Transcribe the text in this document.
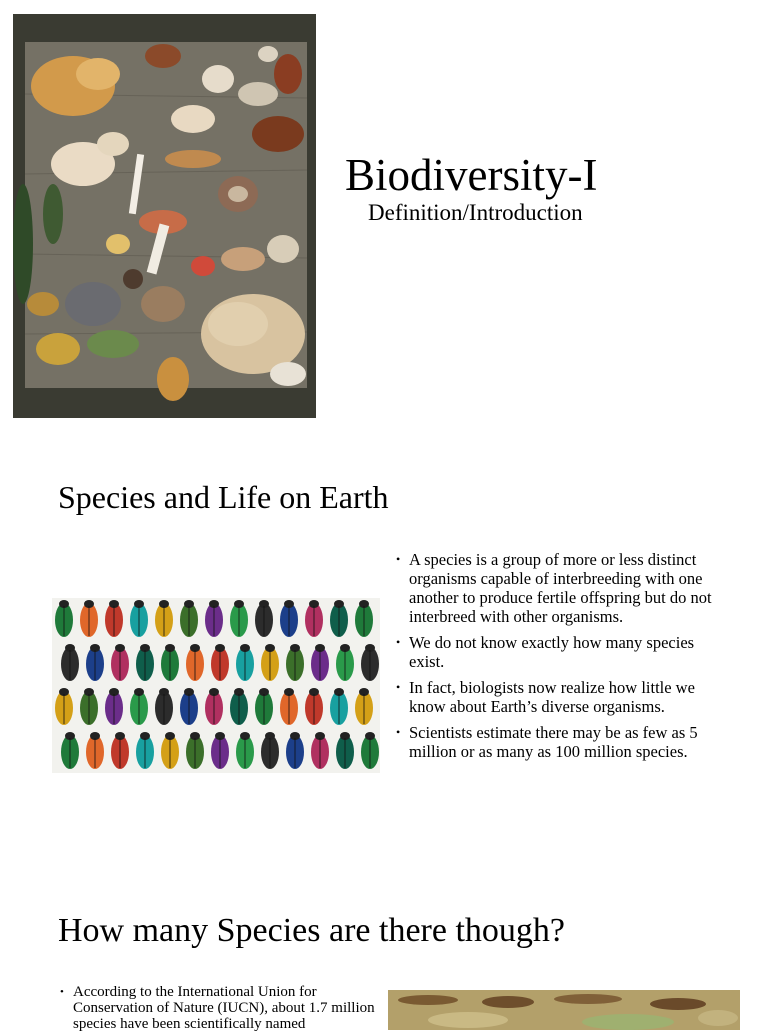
Biodiversity-I
Definition/Introduction
Species and Life on Earth
• A species is a group of more or less distinct organisms capable of interbreeding with one another to produce fertile offspring but do not interbreed with other organisms.
• We do not know exactly how many species exist.
• In fact, biologists now realize how little we know about Earth’s diverse organisms.
• Scientists estimate there may be as few as 5 million or as many as 100 million species.
How many Species are there though?
• According to the International Union for Conservation of Nature (IUCN), about 1.7 million species have been scientifically named
